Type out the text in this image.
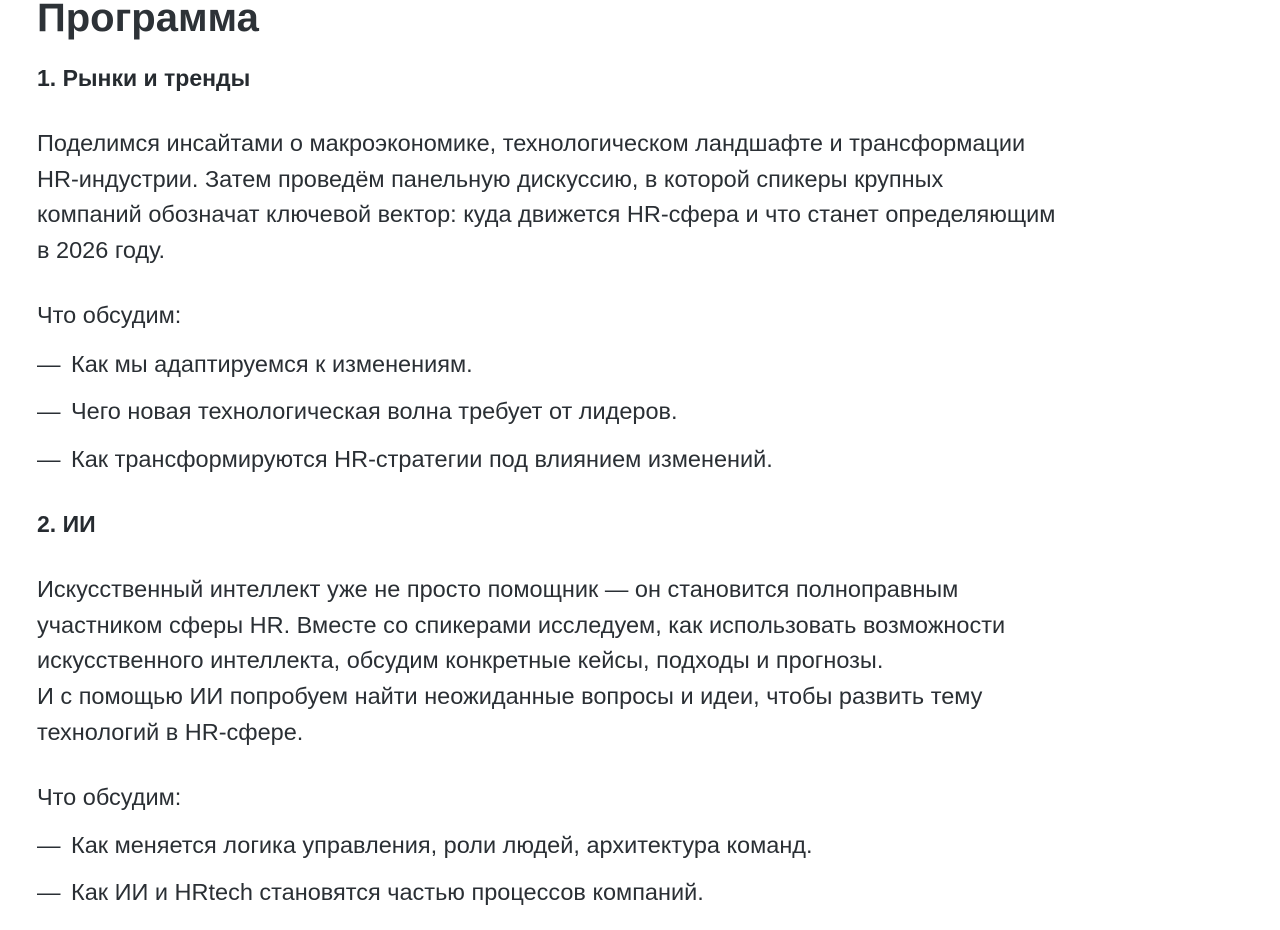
Программа
1. Рынки и тренды

Поделимся инсайтами о макроэкономике, технологическом ландшафте и трансформации
HR-индустрии. Затем проведём панельную дискуссию, в которой спикеры крупных
компаний обозначат ключевой вектор: куда движется HR-сфера и что станет определяющим
в 2026 году.

Что обсудим:

— Как мы адаптируемся к изменениям.
— Чего новая технологическая волна требует от лидеров.
— Как трансформируются HR-стратегии под влиянием изменений.
2. ИИ

Искусственный интеллект уже не просто помощник — он становится полноправным
участником сферы HR. Вместе со спикерами исследуем, как использовать возможности
искусственного интеллекта, обсудим конкретные кейсы, подходы и прогнозы.
И с помощью ИИ попробуем найти неожиданные вопросы и идеи, чтобы развить тему
технологий в HR-сфере.

Что обсудим:

— Как меняется логика управления, роли людей, архитектура команд.
— Как ИИ и HRtech становятся частью процессов компаний.
